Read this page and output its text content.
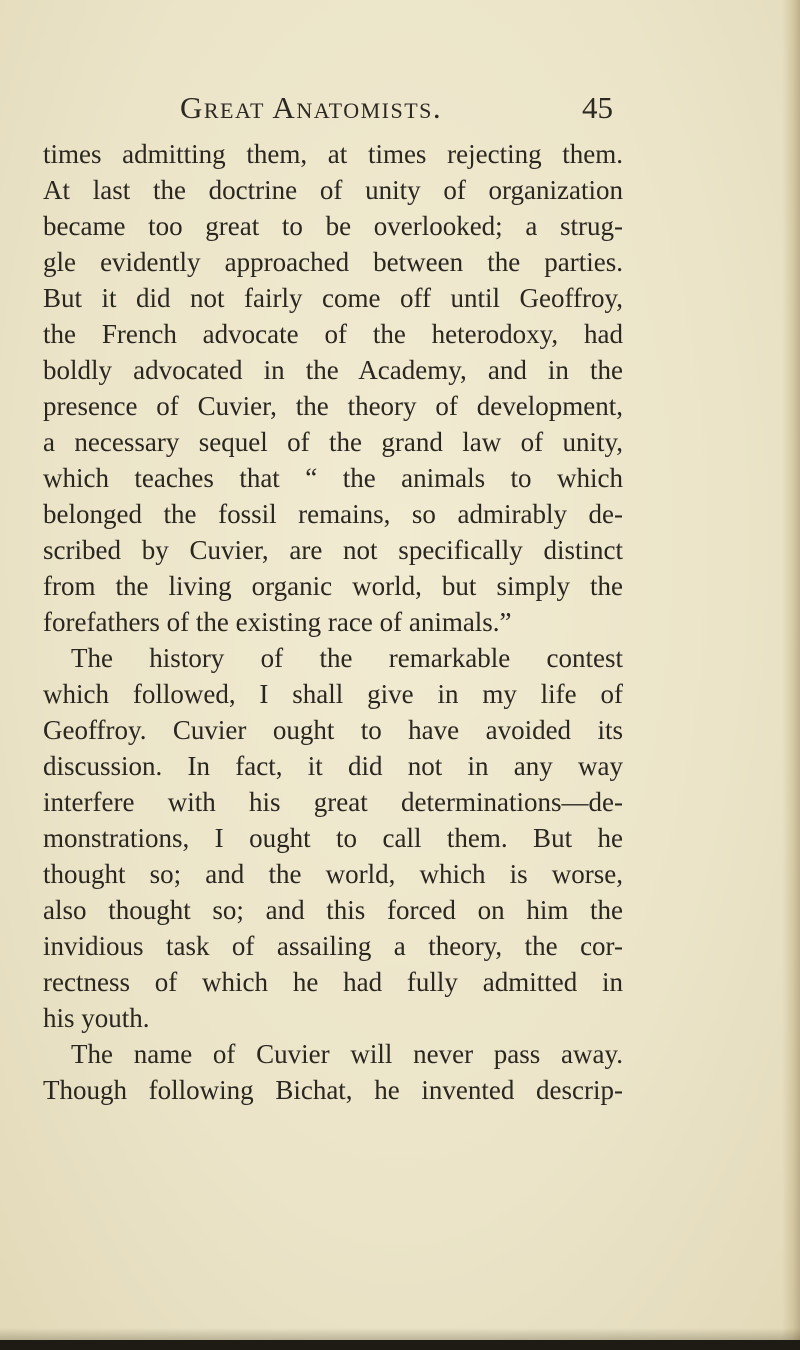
Great Anatomists.	45
times admitting them, at times rejecting them.
At last the doctrine of unity of organization
became too great to be overlooked; a strug-
gle evidently approached between the parties.
But it did not fairly come off until Geoffroy,
the French advocate of the heterodoxy, had
boldly advocated in the Academy, and in the
presence of Cuvier, the theory of development,
a necessary sequel of the grand law of unity,
which teaches that “ the animals to which
belonged the fossil remains, so admirably de-
scribed by Cuvier, are not specifically distinct
from the living organic world, but simply the
forefathers of the existing race of animals.”
The history of the remarkable contest
which followed, I shall give in my life of
Geoffroy. Cuvier ought to have avoided its
discussion. In fact, it did not in any way
interfere with his great determinations—de-
monstrations, I ought to call them. But he
thought so; and the world, which is worse,
also thought so; and this forced on him the
invidious task of assailing a theory, the cor-
rectness of which he had fully admitted in
his youth.
The name of Cuvier will never pass away.
Though following Bichat, he invented descrip-
